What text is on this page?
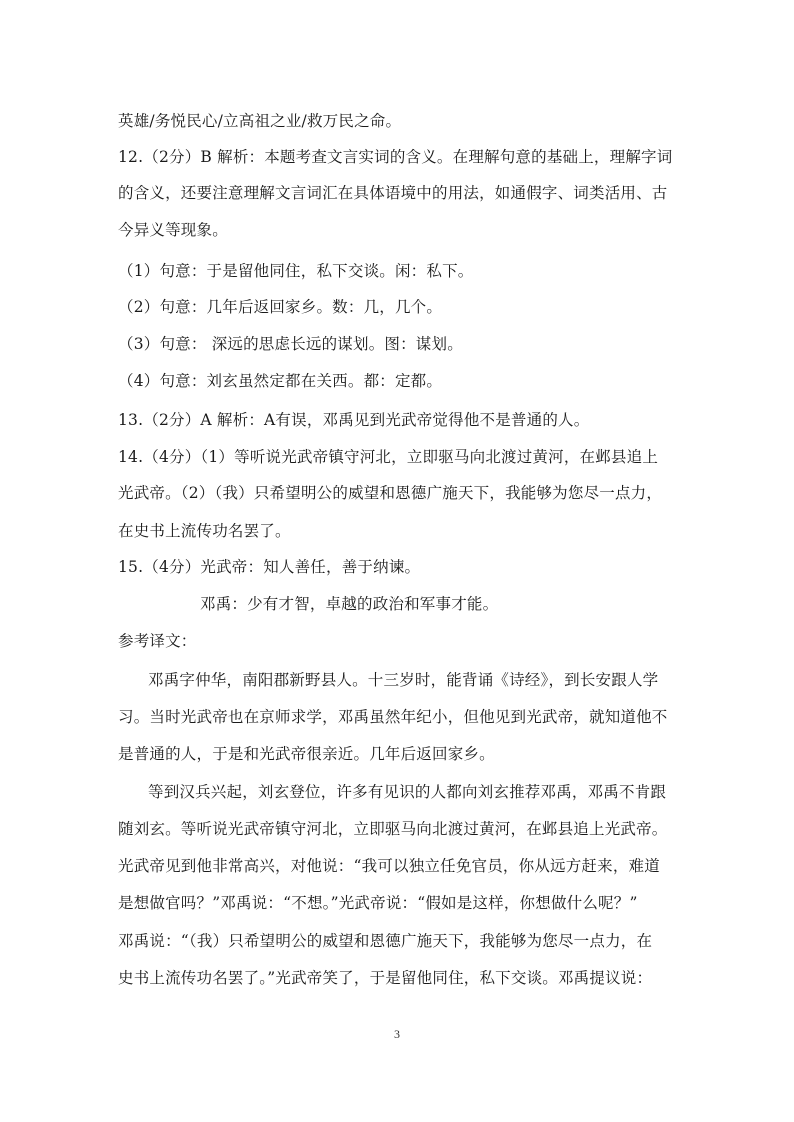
英雄/务悦民心/立高祖之业/救万民之命。
12.（2分）B 解析：本题考查文言实词的含义。在理解句意的基础上，理解字词
的含义，还要注意理解文言词汇在具体语境中的用法，如通假字、词类活用、古
今异义等现象。
（1）句意：于是留他同住，私下交谈。闲：私下。
（2）句意：几年后返回家乡。数：几，几个。
（3）句意： 深远的思虑长远的谋划。图：谋划。
（4）句意：刘玄虽然定都在关西。都：定都。
13.（2分）A 解析：A有误，邓禹见到光武帝觉得他不是普通的人。
14.（4分）（1）等听说光武帝镇守河北，立即驱马向北渡过黄河，在邺县追上
光武帝。（2）（我）只希望明公的威望和恩德广施天下，我能够为您尽一点力，
在史书上流传功名罢了。
15.（4分）光武帝：知人善任，善于纳谏。
邓禹：少有才智，卓越的政治和军事才能。
参考译文：
邓禹字仲华，南阳郡新野县人。十三岁时，能背诵《诗经》，到长安跟人学
习。当时光武帝也在京师求学，邓禹虽然年纪小，但他见到光武帝，就知道他不
是普通的人，于是和光武帝很亲近。几年后返回家乡。
等到汉兵兴起，刘玄登位，许多有见识的人都向刘玄推荐邓禹，邓禹不肯跟
随刘玄。等听说光武帝镇守河北，立即驱马向北渡过黄河，在邺县追上光武帝。
光武帝见到他非常高兴，对他说：“我可以独立任免官员，你从远方赶来，难道
是想做官吗？”邓禹说：“不想。”光武帝说：“假如是这样，你想做什么呢？”
邓禹说：“（我）只希望明公的威望和恩德广施天下，我能够为您尽一点力，在
史书上流传功名罢了。”光武帝笑了，于是留他同住，私下交谈。邓禹提议说：
3
